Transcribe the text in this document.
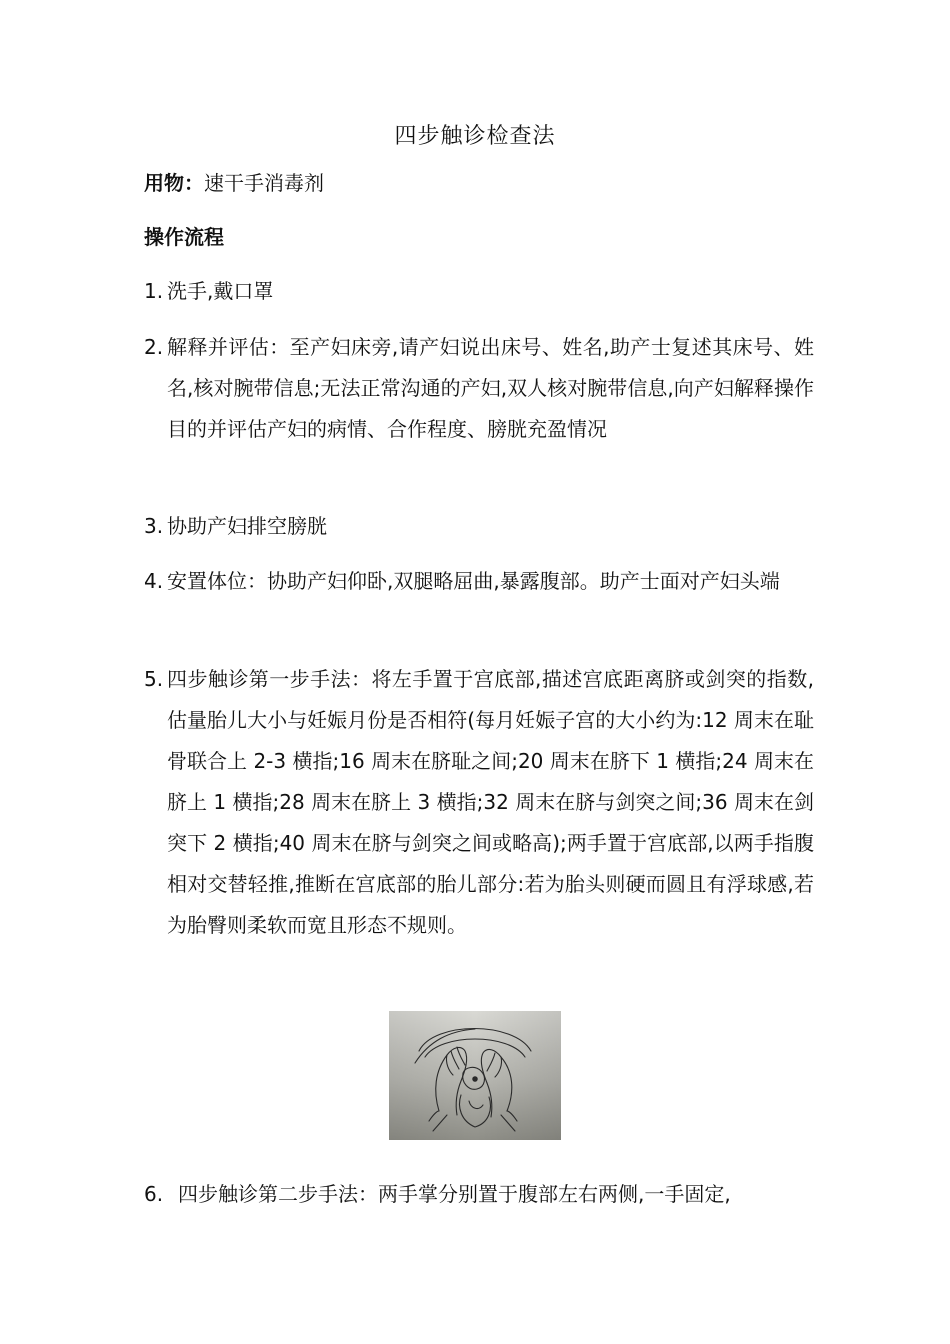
四步触诊检查法
用物：速干手消毒剂
操作流程
1. 洗手,戴口罩
2. 解释并评估：至产妇床旁,请产妇说出床号、姓名,助产士复述其床号、姓名,核对腕带信息;无法正常沟通的产妇,双人核对腕带信息,向产妇解释操作目的并评估产妇的病情、合作程度、膀胱充盈情况
3. 协助产妇排空膀胱
4. 安置体位：协助产妇仰卧,双腿略屈曲,暴露腹部。助产士面对产妇头端
5. 四步触诊第一步手法：将左手置于宫底部,描述宫底距离脐或剑突的指数,估量胎儿大小与妊娠月份是否相符(每月妊娠子宫的大小约为:12 周末在耻骨联合上 2-3 横指;16 周末在脐耻之间;20 周末在脐下 1 横指;24 周末在脐上 1 横指;28 周末在脐上 3 横指;32 周末在脐与剑突之间;36 周末在剑突下 2 横指;40 周末在脐与剑突之间或略高);两手置于宫底部,以两手指腹相对交替轻推,推断在宫底部的胎儿部分:若为胎头则硬而圆且有浮球感,若为胎臀则柔软而宽且形态不规则。
6. 四步触诊第二步手法：两手掌分别置于腹部左右两侧,一手固定,
